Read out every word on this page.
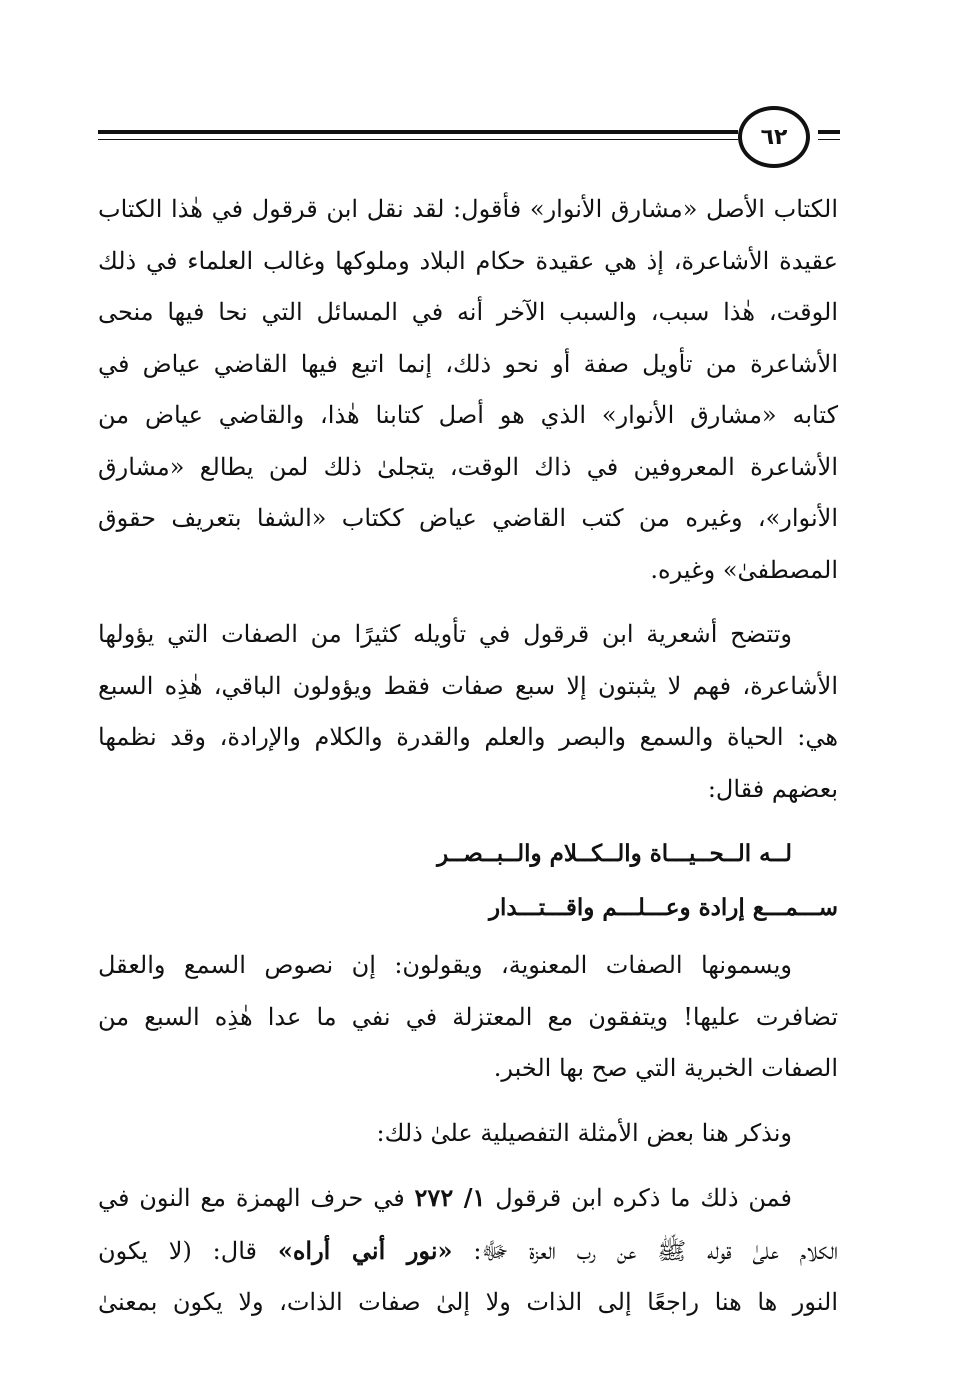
٦٢

الكتاب الأصل «مشارق الأنوار» فأقول: لقد نقل ابن قرقول في هٰذا الكتاب
عقيدة الأشاعرة، إذ هي عقيدة حكام البلاد وملوكها وغالب العلماء في ذلك
الوقت، هٰذا سبب، والسبب الآخر أنه في المسائل التي نحا فيها منحى
الأشاعرة من تأويل صفة أو نحو ذلك، إنما اتبع فيها القاضي عياض في
كتابه «مشارق الأنوار» الذي هو أصل كتابنا هٰذا، والقاضي عياض من
الأشاعرة المعروفين في ذاك الوقت، يتجلىٰ ذلك لمن يطالع «مشارق
الأنوار»، وغيره من كتب القاضي عياض ككتاب «الشفا بتعريف حقوق
المصطفىٰ» وغيره.

وتتضح أشعرية ابن قرقول في تأويله كثيرًا من الصفات التي يؤولها
الأشاعرة، فهم لا يثبتون إلا سبع صفات فقط ويؤولون الباقي، هٰذِه السبع
هي: الحياة والسمع والبصر والعلم والقدرة والكلام والإرادة، وقد نظمها
بعضهم فقال:

لــه الــحــيـــاة والــكــلام والــبــصــر
ســـمـــع إرادة وعـــلـــم واقـــتـــدار

ويسمونها الصفات المعنوية، ويقولون: إن نصوص السمع والعقل
تضافرت عليها! ويتفقون مع المعتزلة في نفي ما عدا هٰذِه السبع من
الصفات الخبرية التي صح بها الخبر.

ونذكر هنا بعض الأمثلة التفصيلية علىٰ ذلك:

فمن ذلك ما ذكره ابن قرقول ١/ ٢٧٢ في حرف الهمزة مع النون في
الكلام علىٰ قوله ﷺ عن رب العزة ﷻ: «نور أني أراه» قال: (لا يكون
النور ها هنا راجعًا إلى الذات ولا إلىٰ صفات الذات، ولا يكون بمعنىٰ
